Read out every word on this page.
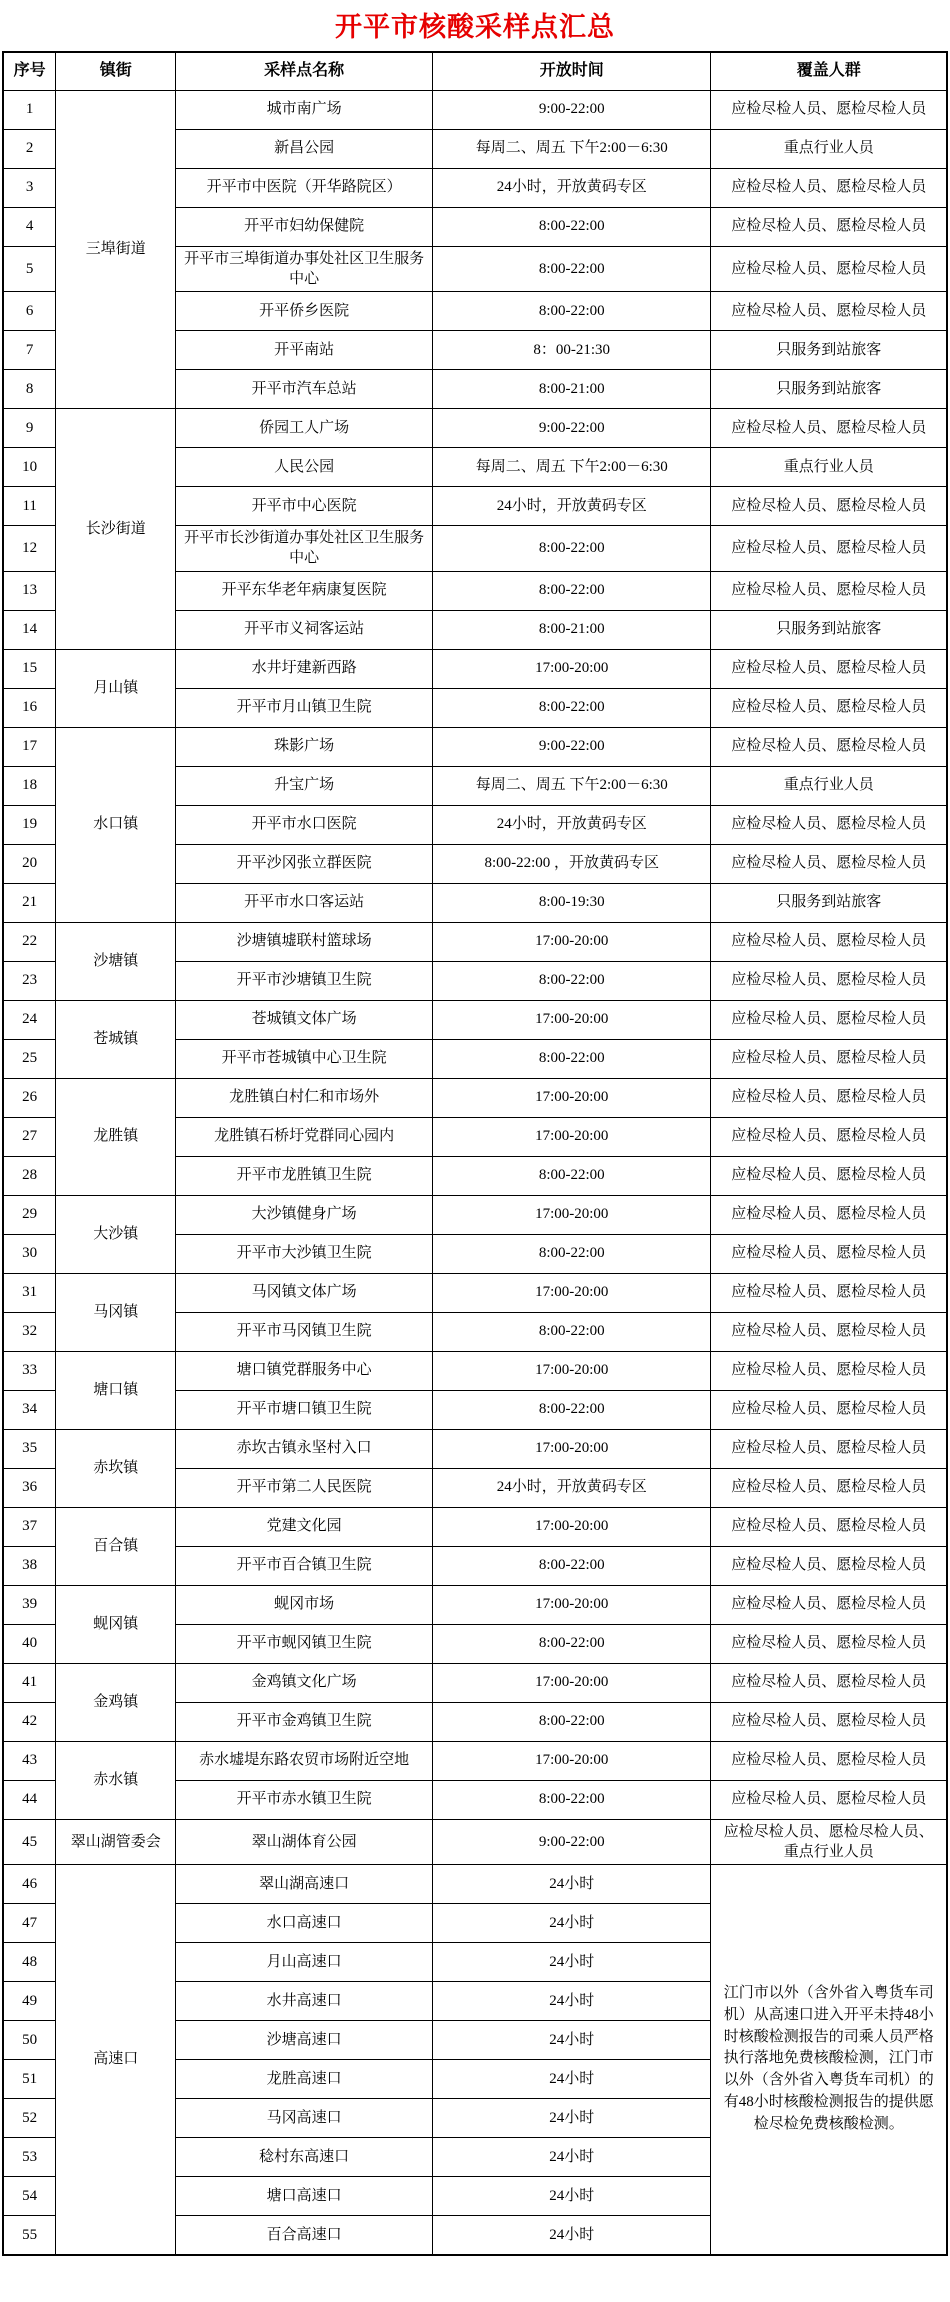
开平市核酸采样点汇总
序号	镇街	采样点名称	开放时间	覆盖人群
1	三埠街道	城市南广场	9:00-22:00	应检尽检人员、愿检尽检人员
2		新昌公园	每周二、周五 下午2:00－6:30	重点行业人员
3		开平市中医院（开华路院区）	24小时，开放黄码专区	应检尽检人员、愿检尽检人员
4		开平市妇幼保健院	8:00-22:00	应检尽检人员、愿检尽检人员
5		开平市三埠街道办事处社区卫生服务中心	8:00-22:00	应检尽检人员、愿检尽检人员
6		开平侨乡医院	8:00-22:00	应检尽检人员、愿检尽检人员
7		开平南站	8：00-21:30	只服务到站旅客
8		开平市汽车总站	8:00-21:00	只服务到站旅客
9	长沙街道	侨园工人广场	9:00-22:00	应检尽检人员、愿检尽检人员
10		人民公园	每周二、周五 下午2:00－6:30	重点行业人员
11		开平市中心医院	24小时，开放黄码专区	应检尽检人员、愿检尽检人员
12		开平市长沙街道办事处社区卫生服务中心	8:00-22:00	应检尽检人员、愿检尽检人员
13		开平东华老年病康复医院	8:00-22:00	应检尽检人员、愿检尽检人员
14		开平市义祠客运站	8:00-21:00	只服务到站旅客
15	月山镇	水井圩建新西路	17:00-20:00	应检尽检人员、愿检尽检人员
16		开平市月山镇卫生院	8:00-22:00	应检尽检人员、愿检尽检人员
17	水口镇	珠影广场	9:00-22:00	应检尽检人员、愿检尽检人员
18		升宝广场	每周二、周五 下午2:00－6:30	重点行业人员
19		开平市水口医院	24小时，开放黄码专区	应检尽检人员、愿检尽检人员
20		开平沙冈张立群医院	8:00-22:00 ，开放黄码专区	应检尽检人员、愿检尽检人员
21		开平市水口客运站	8:00-19:30	只服务到站旅客
22	沙塘镇	沙塘镇墟联村篮球场	17:00-20:00	应检尽检人员、愿检尽检人员
23		开平市沙塘镇卫生院	8:00-22:00	应检尽检人员、愿检尽检人员
24	苍城镇	苍城镇文体广场	17:00-20:00	应检尽检人员、愿检尽检人员
25		开平市苍城镇中心卫生院	8:00-22:00	应检尽检人员、愿检尽检人员
26	龙胜镇	龙胜镇白村仁和市场外	17:00-20:00	应检尽检人员、愿检尽检人员
27		龙胜镇石桥圩党群同心园内	17:00-20:00	应检尽检人员、愿检尽检人员
28		开平市龙胜镇卫生院	8:00-22:00	应检尽检人员、愿检尽检人员
29	大沙镇	大沙镇健身广场	17:00-20:00	应检尽检人员、愿检尽检人员
30		开平市大沙镇卫生院	8:00-22:00	应检尽检人员、愿检尽检人员
31	马冈镇	马冈镇文体广场	17:00-20:00	应检尽检人员、愿检尽检人员
32		开平市马冈镇卫生院	8:00-22:00	应检尽检人员、愿检尽检人员
33	塘口镇	塘口镇党群服务中心	17:00-20:00	应检尽检人员、愿检尽检人员
34		开平市塘口镇卫生院	8:00-22:00	应检尽检人员、愿检尽检人员
35	赤坎镇	赤坎古镇永坚村入口	17:00-20:00	应检尽检人员、愿检尽检人员
36		开平市第二人民医院	24小时，开放黄码专区	应检尽检人员、愿检尽检人员
37	百合镇	党建文化园	17:00-20:00	应检尽检人员、愿检尽检人员
38		开平市百合镇卫生院	8:00-22:00	应检尽检人员、愿检尽检人员
39	蚬冈镇	蚬冈市场	17:00-20:00	应检尽检人员、愿检尽检人员
40		开平市蚬冈镇卫生院	8:00-22:00	应检尽检人员、愿检尽检人员
41	金鸡镇	金鸡镇文化广场	17:00-20:00	应检尽检人员、愿检尽检人员
42		开平市金鸡镇卫生院	8:00-22:00	应检尽检人员、愿检尽检人员
43	赤水镇	赤水墟堤东路农贸市场附近空地	17:00-20:00	应检尽检人员、愿检尽检人员
44		开平市赤水镇卫生院	8:00-22:00	应检尽检人员、愿检尽检人员
45	翠山湖管委会	翠山湖体育公园	9:00-22:00	应检尽检人员、愿检尽检人员、重点行业人员
46	高速口	翠山湖高速口	24小时	江门市以外（含外省入粤货车司机）从高速口进入开平未持48小时核酸检测报告的司乘人员严格执行落地免费核酸检测，江门市以外（含外省入粤货车司机）的有48小时核酸检测报告的提供愿检尽检免费核酸检测。
47		水口高速口	24小时	
48		月山高速口	24小时	
49		水井高速口	24小时	
50		沙塘高速口	24小时	
51		龙胜高速口	24小时	
52		马冈高速口	24小时	
53		稔村东高速口	24小时	
54		塘口高速口	24小时	
55		百合高速口	24小时	
